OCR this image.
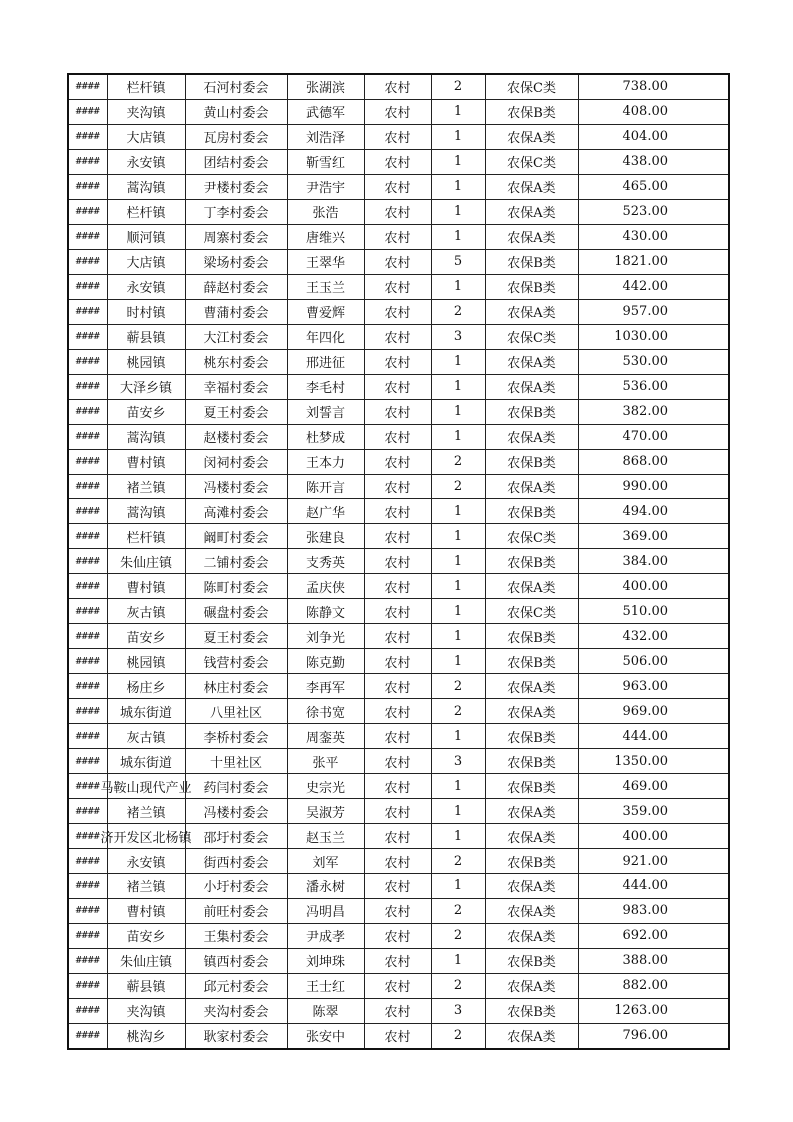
####	栏杆镇	石河村委会	张湖滨	农村	2	农保C类	738.00

####	夹沟镇	黄山村委会	武德军	农村	1	农保B类	408.00

####	大店镇	瓦房村委会	刘浩泽	农村	1	农保A类	404.00

####	永安镇	团结村委会	靳雪红	农村	1	农保C类	438.00

####	蒿沟镇	尹楼村委会	尹浩宇	农村	1	农保A类	465.00

####	栏杆镇	丁李村委会	张浩	农村	1	农保A类	523.00

####	顺河镇	周寨村委会	唐维兴	农村	1	农保A类	430.00

####	大店镇	梁场村委会	王翠华	农村	5	农保B类	1821.00

####	永安镇	薛赵村委会	王玉兰	农村	1	农保B类	442.00

####	时村镇	曹蒲村委会	曹爱辉	农村	2	农保A类	957.00

####	蕲县镇	大江村委会	年四化	农村	3	农保C类	1030.00

####	桃园镇	桃东村委会	邢进征	农村	1	农保A类	530.00

####	大泽乡镇	幸福村委会	李毛村	农村	1	农保A类	536.00

####	苗安乡	夏王村委会	刘誓言	农村	1	农保B类	382.00

####	蒿沟镇	赵楼村委会	杜梦成	农村	1	农保A类	470.00

####	曹村镇	闵祠村委会	王本力	农村	2	农保B类	868.00

####	褚兰镇	冯楼村委会	陈开言	农村	2	农保A类	990.00

####	蒿沟镇	高滩村委会	赵广华	农村	1	农保B类	494.00

####	栏杆镇	阚町村委会	张建良	农村	1	农保C类	369.00

####	朱仙庄镇	二铺村委会	支秀英	农村	1	农保B类	384.00

####	曹村镇	陈町村委会	孟庆侠	农村	1	农保A类	400.00

####	灰古镇	碾盘村委会	陈静文	农村	1	农保C类	510.00

####	苗安乡	夏王村委会	刘争光	农村	1	农保B类	432.00

####	桃园镇	钱营村委会	陈克勤	农村	1	农保B类	506.00

####	杨庄乡	林庄村委会	李再军	农村	2	农保A类	963.00

####	城东街道	八里社区	徐书宽	农村	2	农保A类	969.00

####	灰古镇	李桥村委会	周銮英	农村	1	农保B类	444.00

####	城东街道	十里社区	张平	农村	3	农保B类	1350.00

####	马鞍山现代产业	药闫村委会	史宗光	农村	1	农保B类	469.00

####	褚兰镇	冯楼村委会	吴淑芳	农村	1	农保A类	359.00

####	济开发区北杨镇	邵圩村委会	赵玉兰	农村	1	农保A类	400.00

####	永安镇	街西村委会	刘军	农村	2	农保B类	921.00

####	褚兰镇	小圩村委会	潘永树	农村	1	农保A类	444.00

####	曹村镇	前旺村委会	冯明昌	农村	2	农保A类	983.00

####	苗安乡	王集村委会	尹成孝	农村	2	农保A类	692.00

####	朱仙庄镇	镇西村委会	刘坤珠	农村	1	农保B类	388.00

####	蕲县镇	邱元村委会	王士红	农村	2	农保A类	882.00

####	夹沟镇	夹沟村委会	陈翠	农村	3	农保B类	1263.00

####	桃沟乡	耿家村委会	张安中	农村	2	农保A类	796.00
